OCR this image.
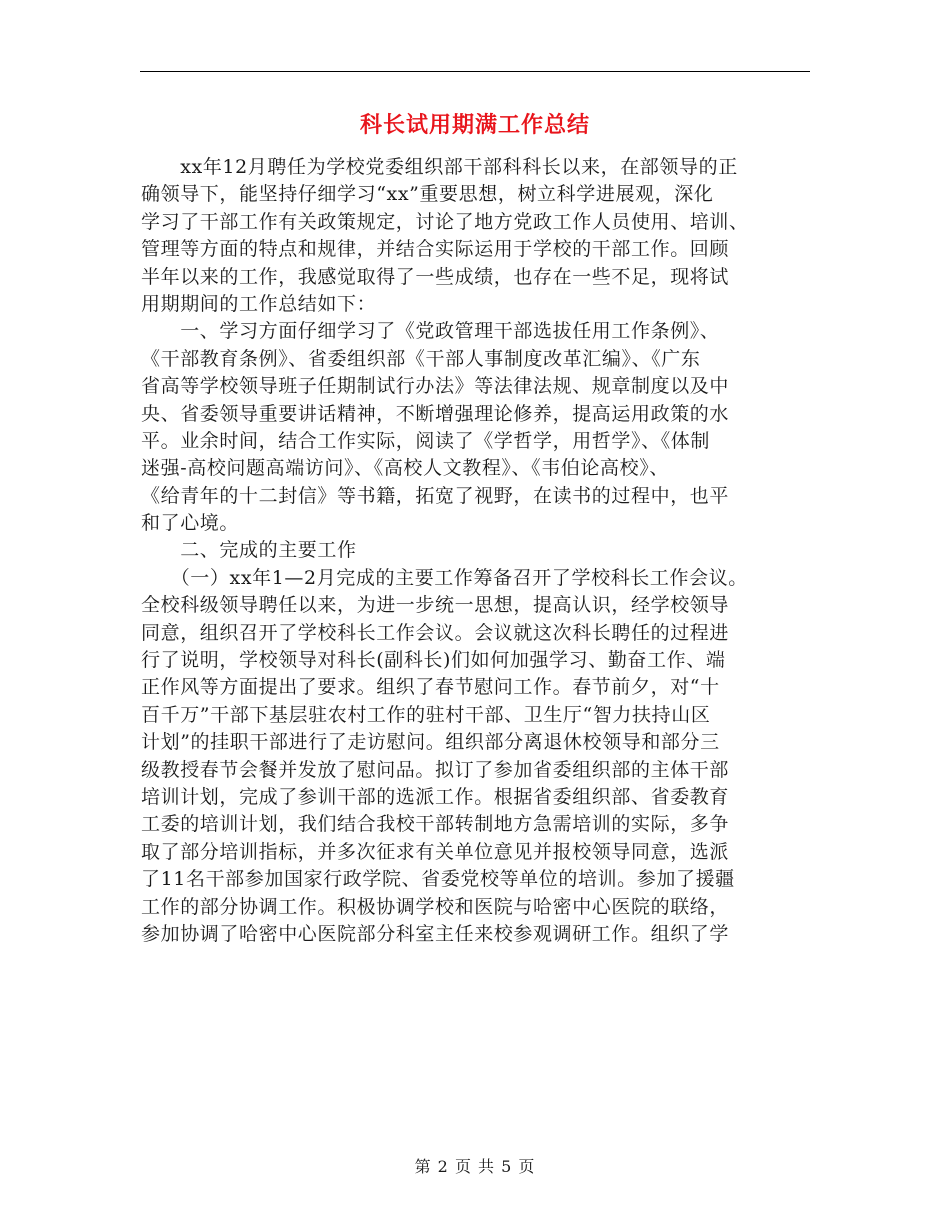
科长试用期满工作总结
　　xx年12月聘任为学校党委组织部干部科科长以来，在部领导的正
确领导下，能坚持仔细学习“xx”重要思想，树立科学进展观，深化
学习了干部工作有关政策规定，讨论了地方党政工作人员使用、培训、
管理等方面的特点和规律，并结合实际运用于学校的干部工作。回顾
半年以来的工作，我感觉取得了一些成绩，也存在一些不足，现将试
用期期间的工作总结如下：
　　一、学习方面仔细学习了《党政管理干部选拔任用工作条例》、
《干部教育条例》、省委组织部《干部人事制度改革汇编》、《广东
省高等学校领导班子任期制试行办法》等法律法规、规章制度以及中
央、省委领导重要讲话精神，不断增强理论修养，提高运用政策的水
平。业余时间，结合工作实际，阅读了《学哲学，用哲学》、《体制
迷强-高校问题高端访问》、《高校人文教程》、《韦伯论高校》、
《给青年的十二封信》等书籍，拓宽了视野，在读书的过程中，也平
和了心境。
　　二、完成的主要工作
　　（一）xx年1—2月完成的主要工作筹备召开了学校科长工作会议。
全校科级领导聘任以来，为进一步统一思想，提高认识，经学校领导
同意，组织召开了学校科长工作会议。会议就这次科长聘任的过程进
行了说明，学校领导对科长(副科长)们如何加强学习、勤奋工作、端
正作风等方面提出了要求。组织了春节慰问工作。春节前夕，对“十
百千万”干部下基层驻农村工作的驻村干部、卫生厅“智力扶持山区
计划”的挂职干部进行了走访慰问。组织部分离退休校领导和部分三
级教授春节会餐并发放了慰问品。拟订了参加省委组织部的主体干部
培训计划，完成了参训干部的选派工作。根据省委组织部、省委教育
工委的培训计划，我们结合我校干部转制地方急需培训的实际，多争
取了部分培训指标，并多次征求有关单位意见并报校领导同意，选派
了11名干部参加国家行政学院、省委党校等单位的培训。参加了援疆
工作的部分协调工作。积极协调学校和医院与哈密中心医院的联络，
参加协调了哈密中心医院部分科室主任来校参观调研工作。组织了学
第 2 页 共 5 页
